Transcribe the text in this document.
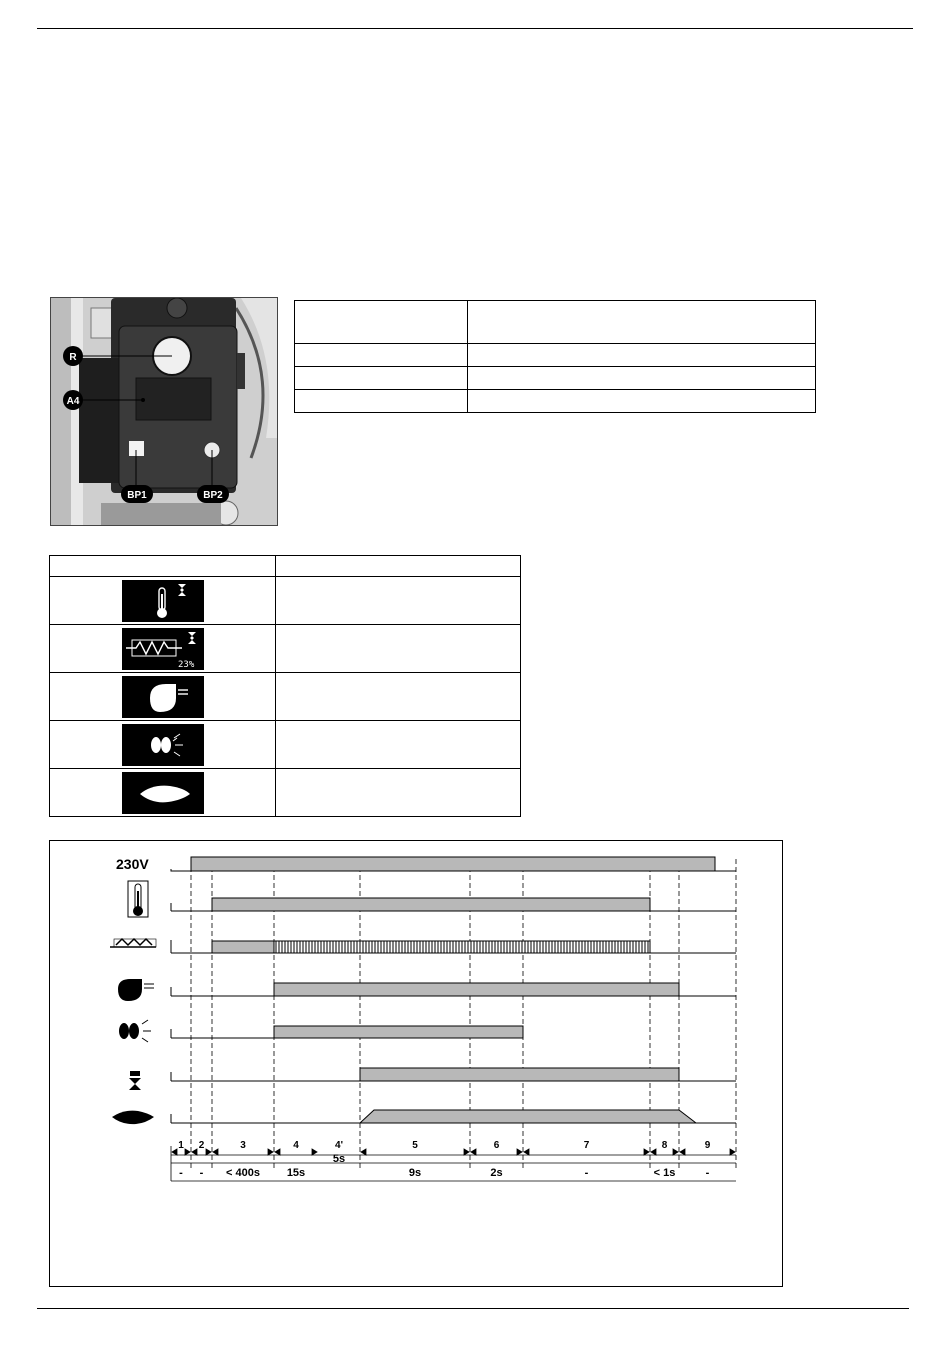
R
A4
BP1	BP2

23%	

230V
1
-
2
-
3
< 400s
4
15s
4'
5s
5
9s
6
2s
7
-
8
< 1s
9
-
